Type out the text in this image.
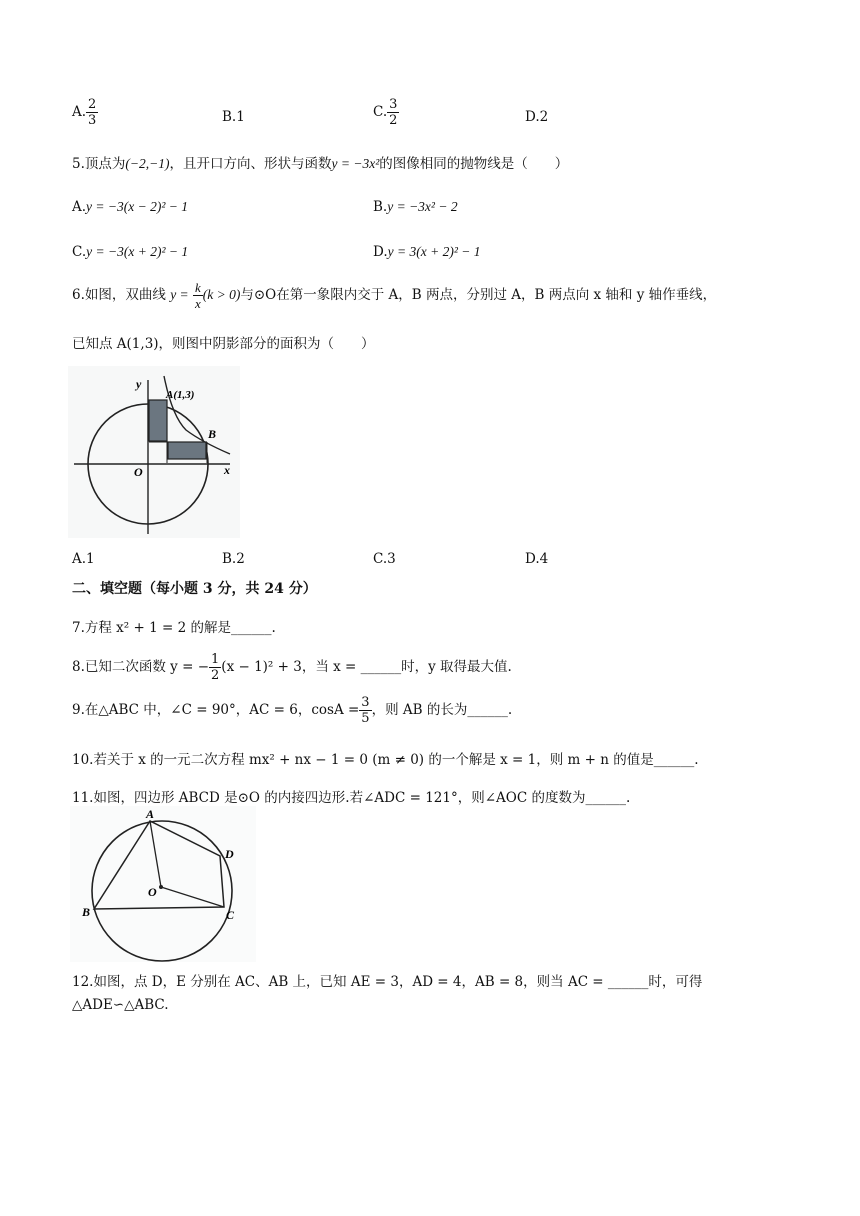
A. $\frac{2}{3}$	B.1	C. $\frac{3}{2}$	D.2
5.顶点为(−2,−1)，且开口方向、形状与函数y = −3x²的图像相同的抛物线是（　　）
A.y = −3(x − 2)² − 1	B.y = −3x² − 2
C.y = −3(x + 2)² − 1	D.y = 3(x + 2)² − 1
6.如图，双曲线 $y = \frac{k}{x} (k > 0)$与⊙O在第一象限内交于 A，B 两点，分别过 A，B 两点向 x 轴和 y 轴作垂线，
已知点 A(1,3)，则图中阴影部分的面积为（　　）
y
A(1,3)
B
O	x
A.1	B.2	C.3	D.4
二、填空题（每小题 3 分，共 24 分）
7.方程 x² + 1 = 2 的解是______.
8.已知二次函数 y = − $\frac{1}{2} (x - 1)^2 + 3$，当 x = ______时，y 取得最大值.
9.在△ABC 中，∠C = 90°，AC = 6，$\cos A = \frac{3}{5}$ ，则 AB 的长为______.
10.若关于 x 的一元二次方程 mx² + nx − 1 = 0 (m ≠ 0) 的一个解是 x = 1，则 m + n 的值是______.
11.如图，四边形 ABCD 是⊙O 的内接四边形.若∠ADC = 121°，则∠AOC 的度数为______.
A
B	C
D
O
12.如图，点 D，E 分别在 AC、AB 上，已知 AE = 3，AD = 4，AB = 8，则当 AC = ______时，可得
△ADE∽△ABC.
